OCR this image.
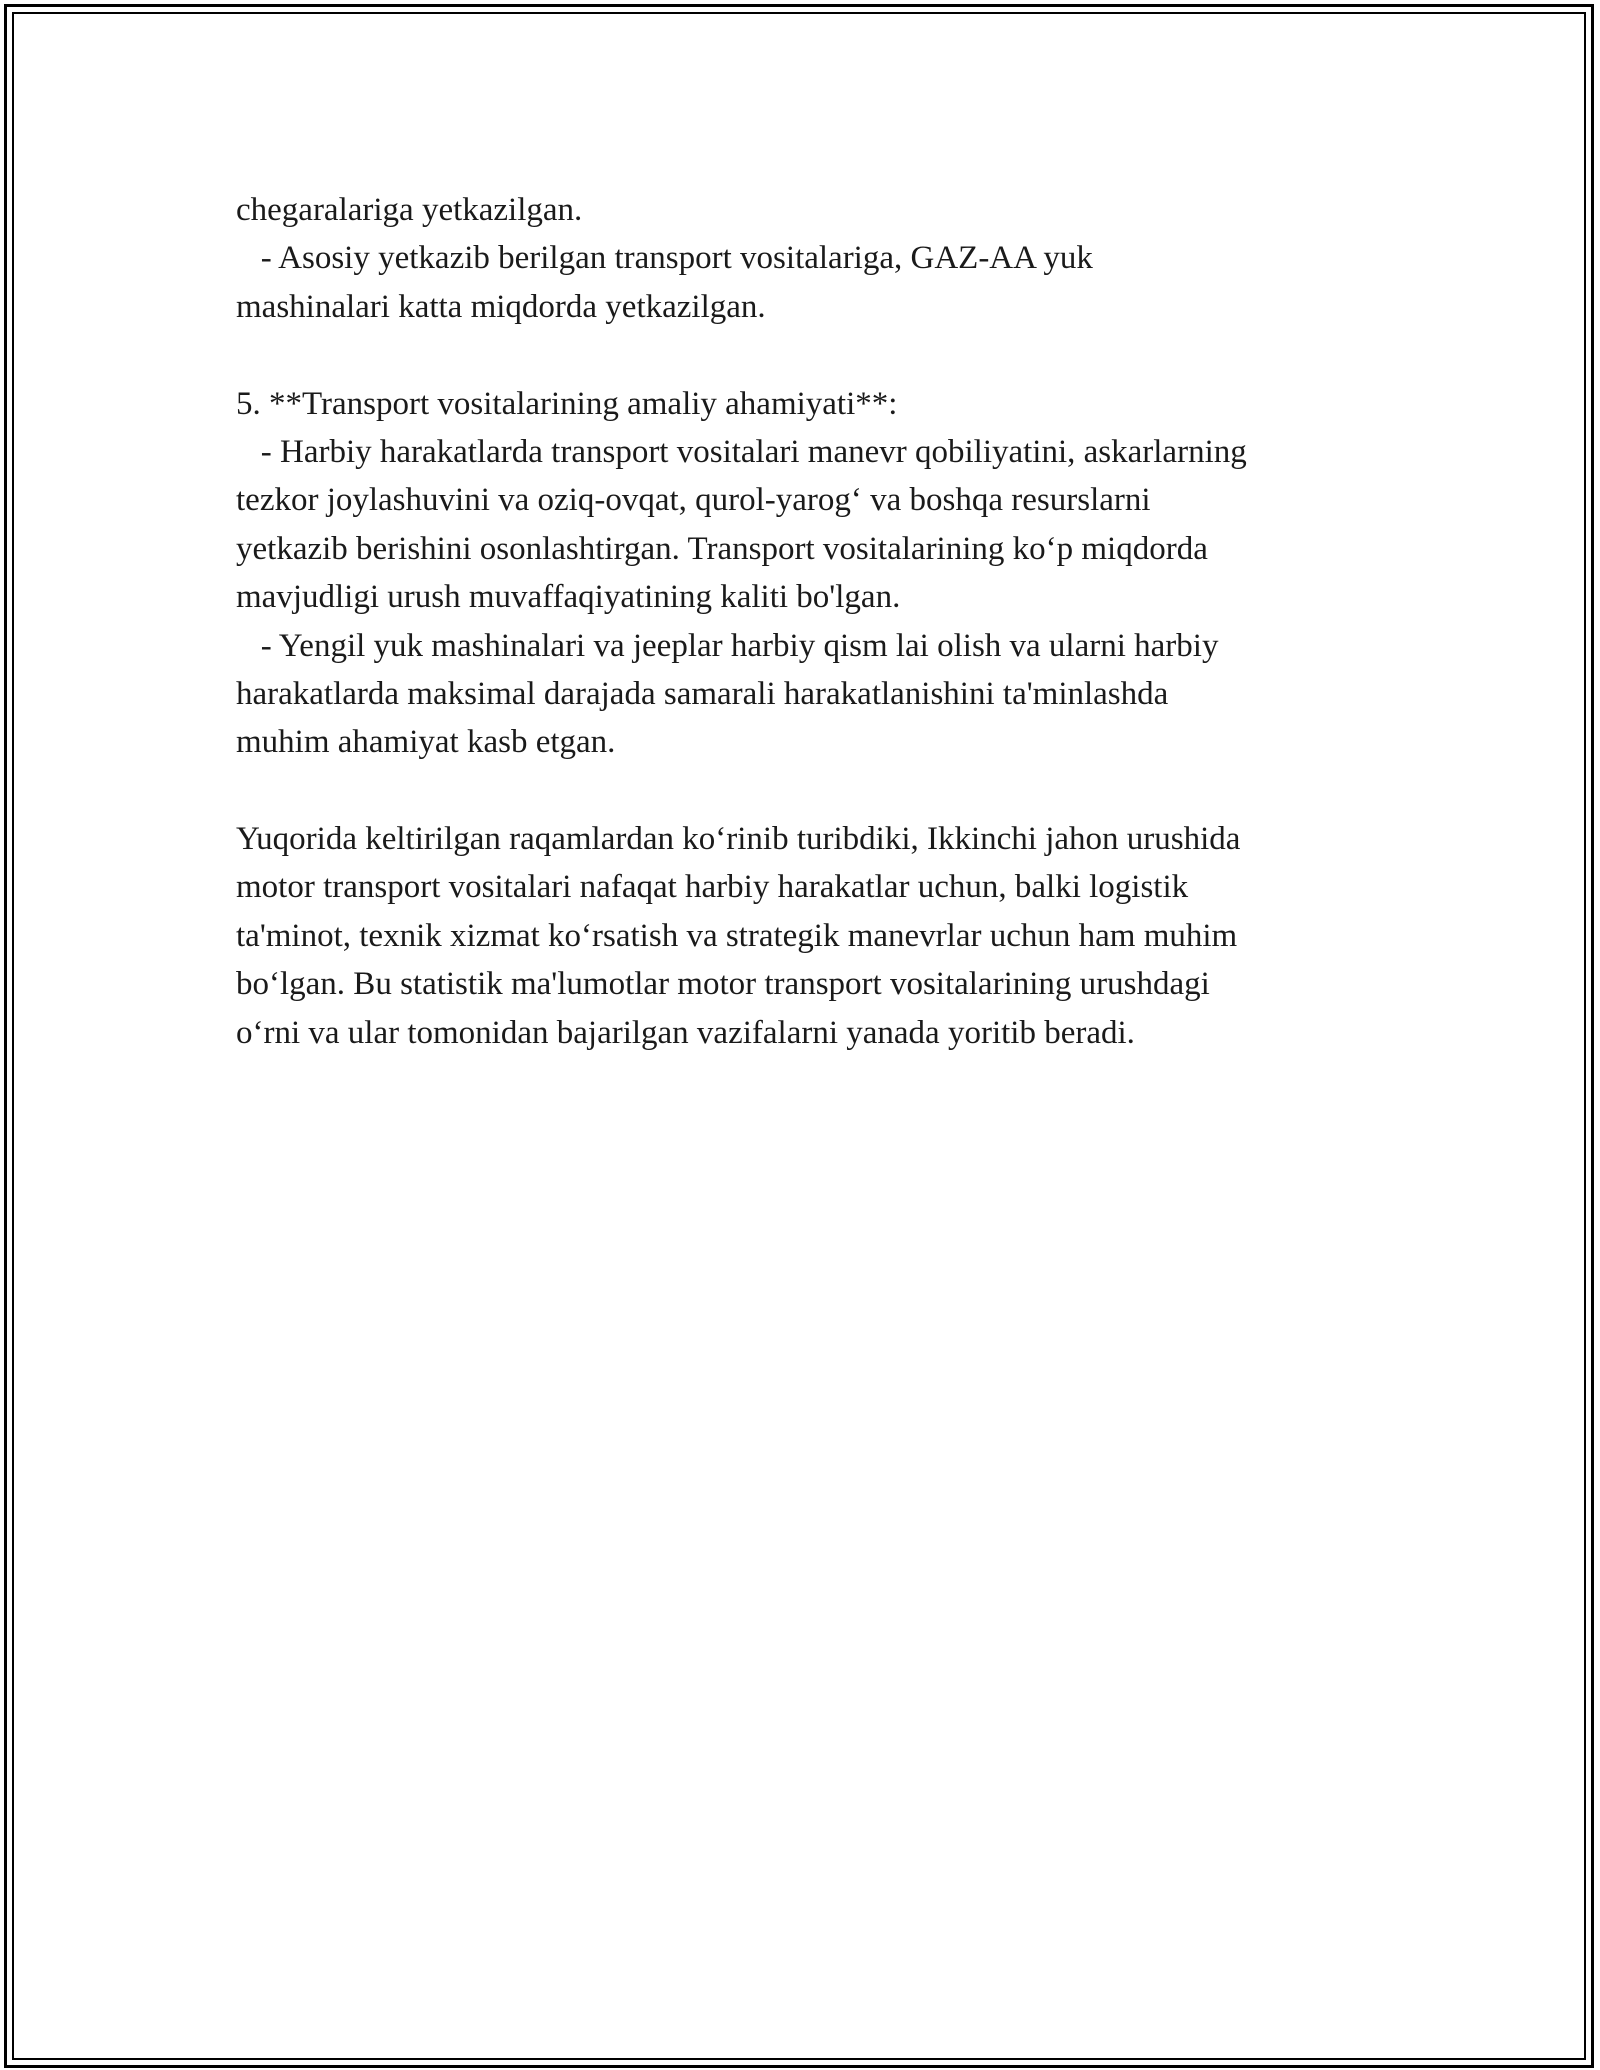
chegaralariga yetkazilgan.
- Asosiy yetkazib berilgan transport vositalariga, GAZ-AA yuk
mashinalari katta miqdorda yetkazilgan.
5. **Transport vositalarining amaliy ahamiyati**:
- Harbiy harakatlarda transport vositalari manevr qobiliyatini, askarlarning
tezkor joylashuvini va oziq-ovqat, qurol-yarog‘ va boshqa resurslarni
yetkazib berishini osonlashtirgan. Transport vositalarining ko‘p miqdorda
mavjudligi urush muvaffaqiyatining kaliti bo'lgan.
- Yengil yuk mashinalari va jeeplar harbiy qism lai olish va ularni harbiy
harakatlarda maksimal darajada samarali harakatlanishini ta'minlashda
muhim ahamiyat kasb etgan.
Yuqorida keltirilgan raqamlardan ko‘rinib turibdiki, Ikkinchi jahon urushida
motor transport vositalari nafaqat harbiy harakatlar uchun, balki logistik
ta'minot, texnik xizmat ko‘rsatish va strategik manevrlar uchun ham muhim
bo‘lgan. Bu statistik ma'lumotlar motor transport vositalarining urushdagi
o‘rni va ular tomonidan bajarilgan vazifalarni yanada yoritib beradi.
